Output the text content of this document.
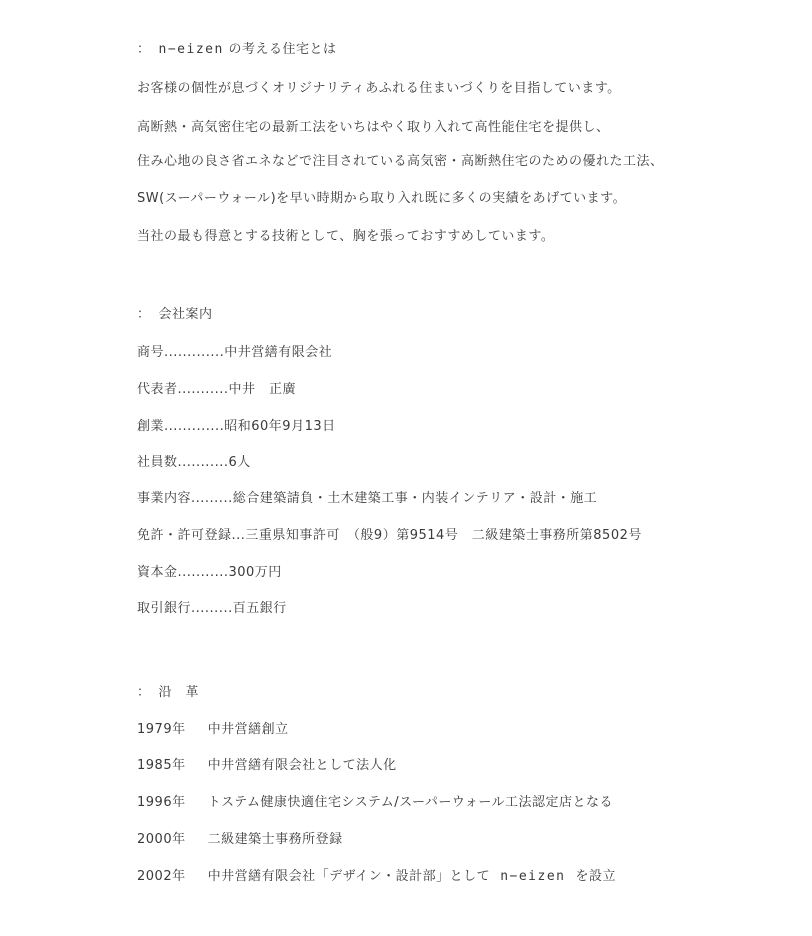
： n−eizen の考える住宅とは
お客様の個性が息づくオリジナリティあふれる住まいづくりを目指しています。
高断熱・高気密住宅の最新工法をいちはやく取り入れて高性能住宅を提供し、
住み心地の良さ省エネなどで注目されている高気密・高断熱住宅のための優れた工法、
SW(スーパーウォール)を早い時期から取り入れ既に多くの実績をあげています。
当社の最も得意とする技術として、胸を張っておすすめしています。
： 会社案内
商号.............中井営繕有限会社
代表者...........中井　正廣
創業.............昭和60年9月13日
社員数...........6人
事業内容.........総合建築請負・土木建築工事・内装インテリア・設計・施工
免許・許可登録...三重県知事許可　（般9）第9514号　二級建築士事務所第8502号
資本金...........300万円
取引銀行.........百五銀行
： 沿　革
1979年 中井営繕創立
1985年 中井営繕有限会社として法人化
1996年 トステム健康快適住宅システム/スーパーウォール工法認定店となる
2000年 二級建築士事務所登録
2002年 中井営繕有限会社「デザイン・設計部」として n−eizen を設立
